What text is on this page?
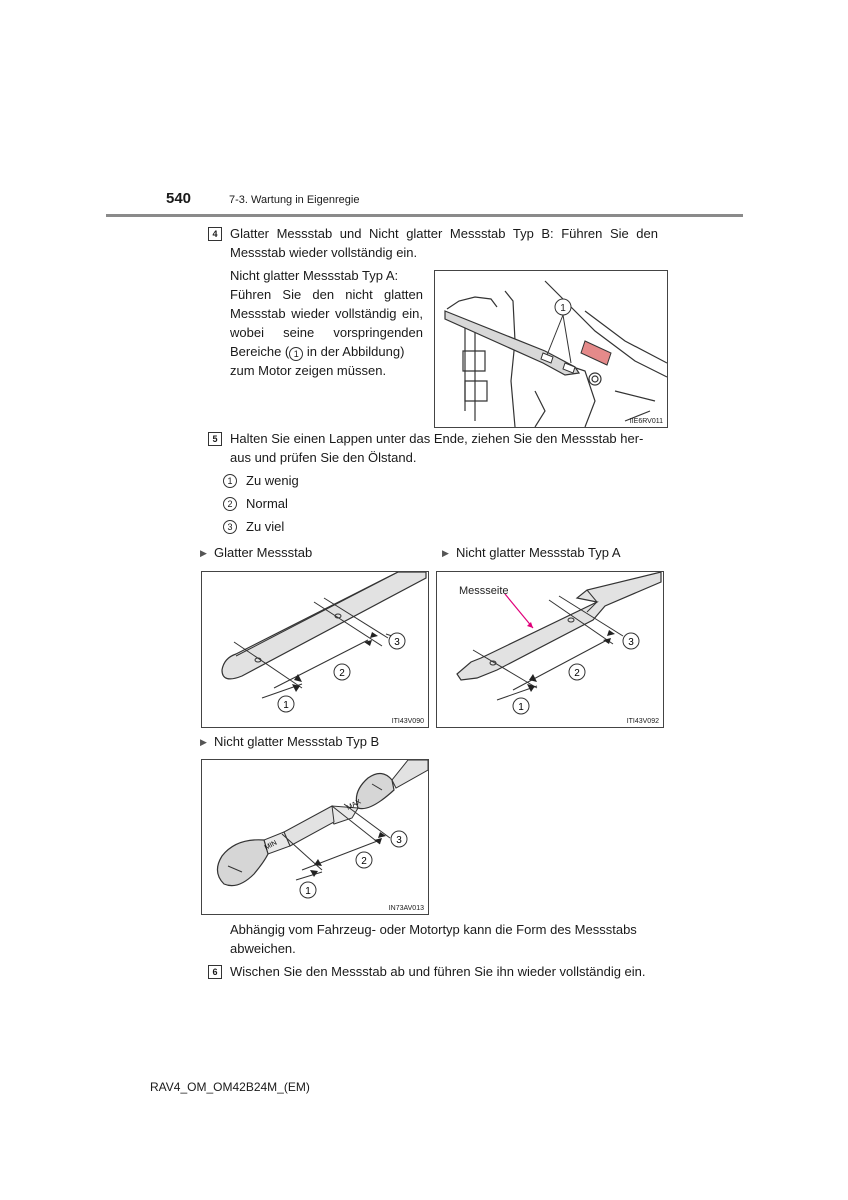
540	7-3. Wartung in Eigenregie
4 Glatter Messstab und Nicht glatter Messstab Typ B: Führen Sie den Messstab wieder vollständig ein.
Nicht glatter Messstab Typ A:
Führen Sie den nicht glatten
Messstab wieder vollständig ein,
wobei seine vorspringenden
Bereiche ( 1 in der Abbildung)
zum Motor zeigen müssen.
1
IIE6RV011
5 Halten Sie einen Lappen unter das Ende, ziehen Sie den Messstab her-
aus und prüfen Sie den Ölstand.
1	Zu wenig
2	Normal
3	Zu viel
▶ Glatter Messstab	▶ Nicht glatter Messstab Typ A
1
2
3
ITI43V090
Messseite
1
2
3
ITI43V092
▶ Nicht glatter Messstab Typ B
MAX
MIN
1
2
3
IN73AV013
Abhängig vom Fahrzeug- oder Motortyp kann die Form des Messstabs
abweichen.
6 Wischen Sie den Messstab ab und führen Sie ihn wieder vollständig ein.
RAV4_OM_OM42B24M_(EM)
